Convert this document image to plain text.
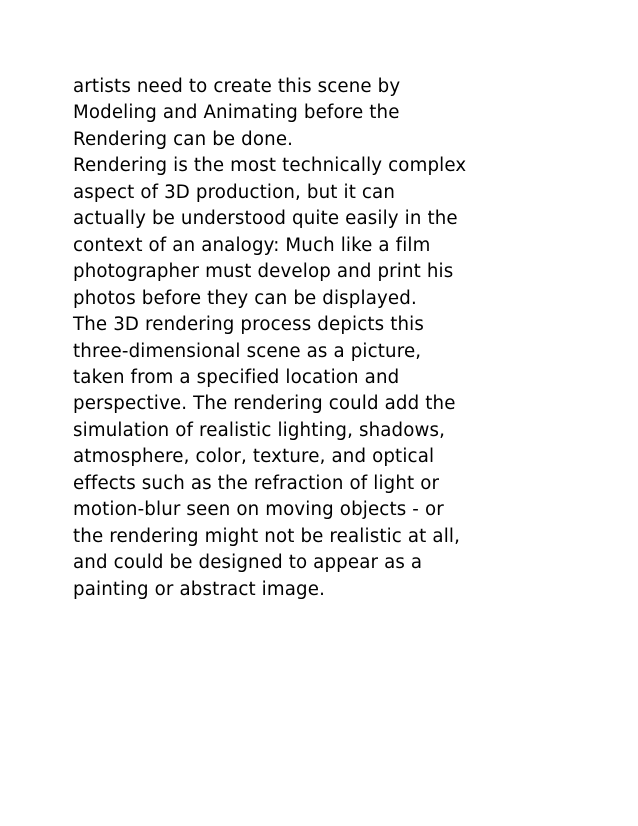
artists need to create this scene by
Modeling and Animating before the
Rendering can be done.
Rendering is the most technically complex
aspect of 3D production, but it can
actually be understood quite easily in the
context of an analogy: Much like a film
photographer must develop and print his
photos before they can be displayed.
The 3D rendering process depicts this
three-dimensional scene as a picture,
taken from a specified location and
perspective. The rendering could add the
simulation of realistic lighting, shadows,
atmosphere, color, texture, and optical
effects such as the refraction of light or
motion-blur seen on moving objects - or
the rendering might not be realistic at all,
and could be designed to appear as a
painting or abstract image.
